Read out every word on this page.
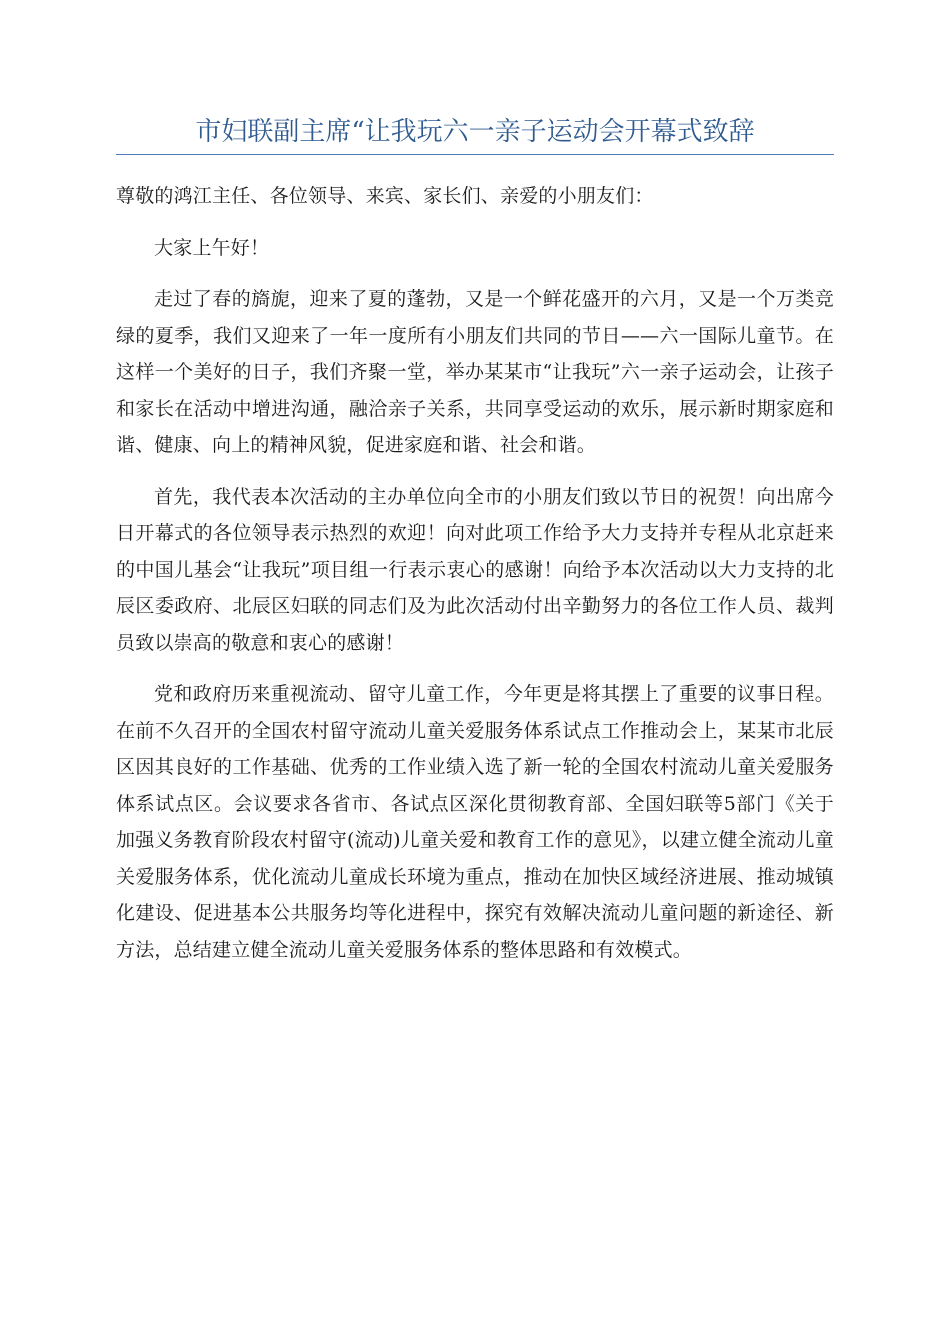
市妇联副主席“让我玩六一亲子运动会开幕式致辞

尊敬的鸿江主任、各位领导、来宾、家长们、亲爱的小朋友们：

大家上午好！

走过了春的旖旎，迎来了夏的蓬勃，又是一个鲜花盛开的六月，又是一个万类竞绿的夏季，我们又迎来了一年一度所有小朋友们共同的节日——六一国际儿童节。在这样一个美好的日子，我们齐聚一堂，举办某某市“让我玩”六一亲子运动会，让孩子和家长在活动中增进沟通，融洽亲子关系，共同享受运动的欢乐，展示新时期家庭和谐、健康、向上的精神风貌，促进家庭和谐、社会和谐。

首先，我代表本次活动的主办单位向全市的小朋友们致以节日的祝贺！向出席今日开幕式的各位领导表示热烈的欢迎！向对此项工作给予大力支持并专程从北京赶来的中国儿基会“让我玩”项目组一行表示衷心的感谢！向给予本次活动以大力支持的北辰区委政府、北辰区妇联的同志们及为此次活动付出辛勤努力的各位工作人员、裁判员致以崇高的敬意和衷心的感谢！

党和政府历来重视流动、留守儿童工作，今年更是将其摆上了重要的议事日程。在前不久召开的全国农村留守流动儿童关爱服务体系试点工作推动会上，某某市北辰区因其良好的工作基础、优秀的工作业绩入选了新一轮的全国农村流动儿童关爱服务体系试点区。会议要求各省市、各试点区深化贯彻教育部、全国妇联等5部门《关于加强义务教育阶段农村留守(流动)儿童关爱和教育工作的意见》，以建立健全流动儿童关爱服务体系，优化流动儿童成长环境为重点，推动在加快区域经济进展、推动城镇化建设、促进基本公共服务均等化进程中，探究有效解决流动儿童问题的新途径、新方法，总结建立健全流动儿童关爱服务体系的整体思路和有效模式。
